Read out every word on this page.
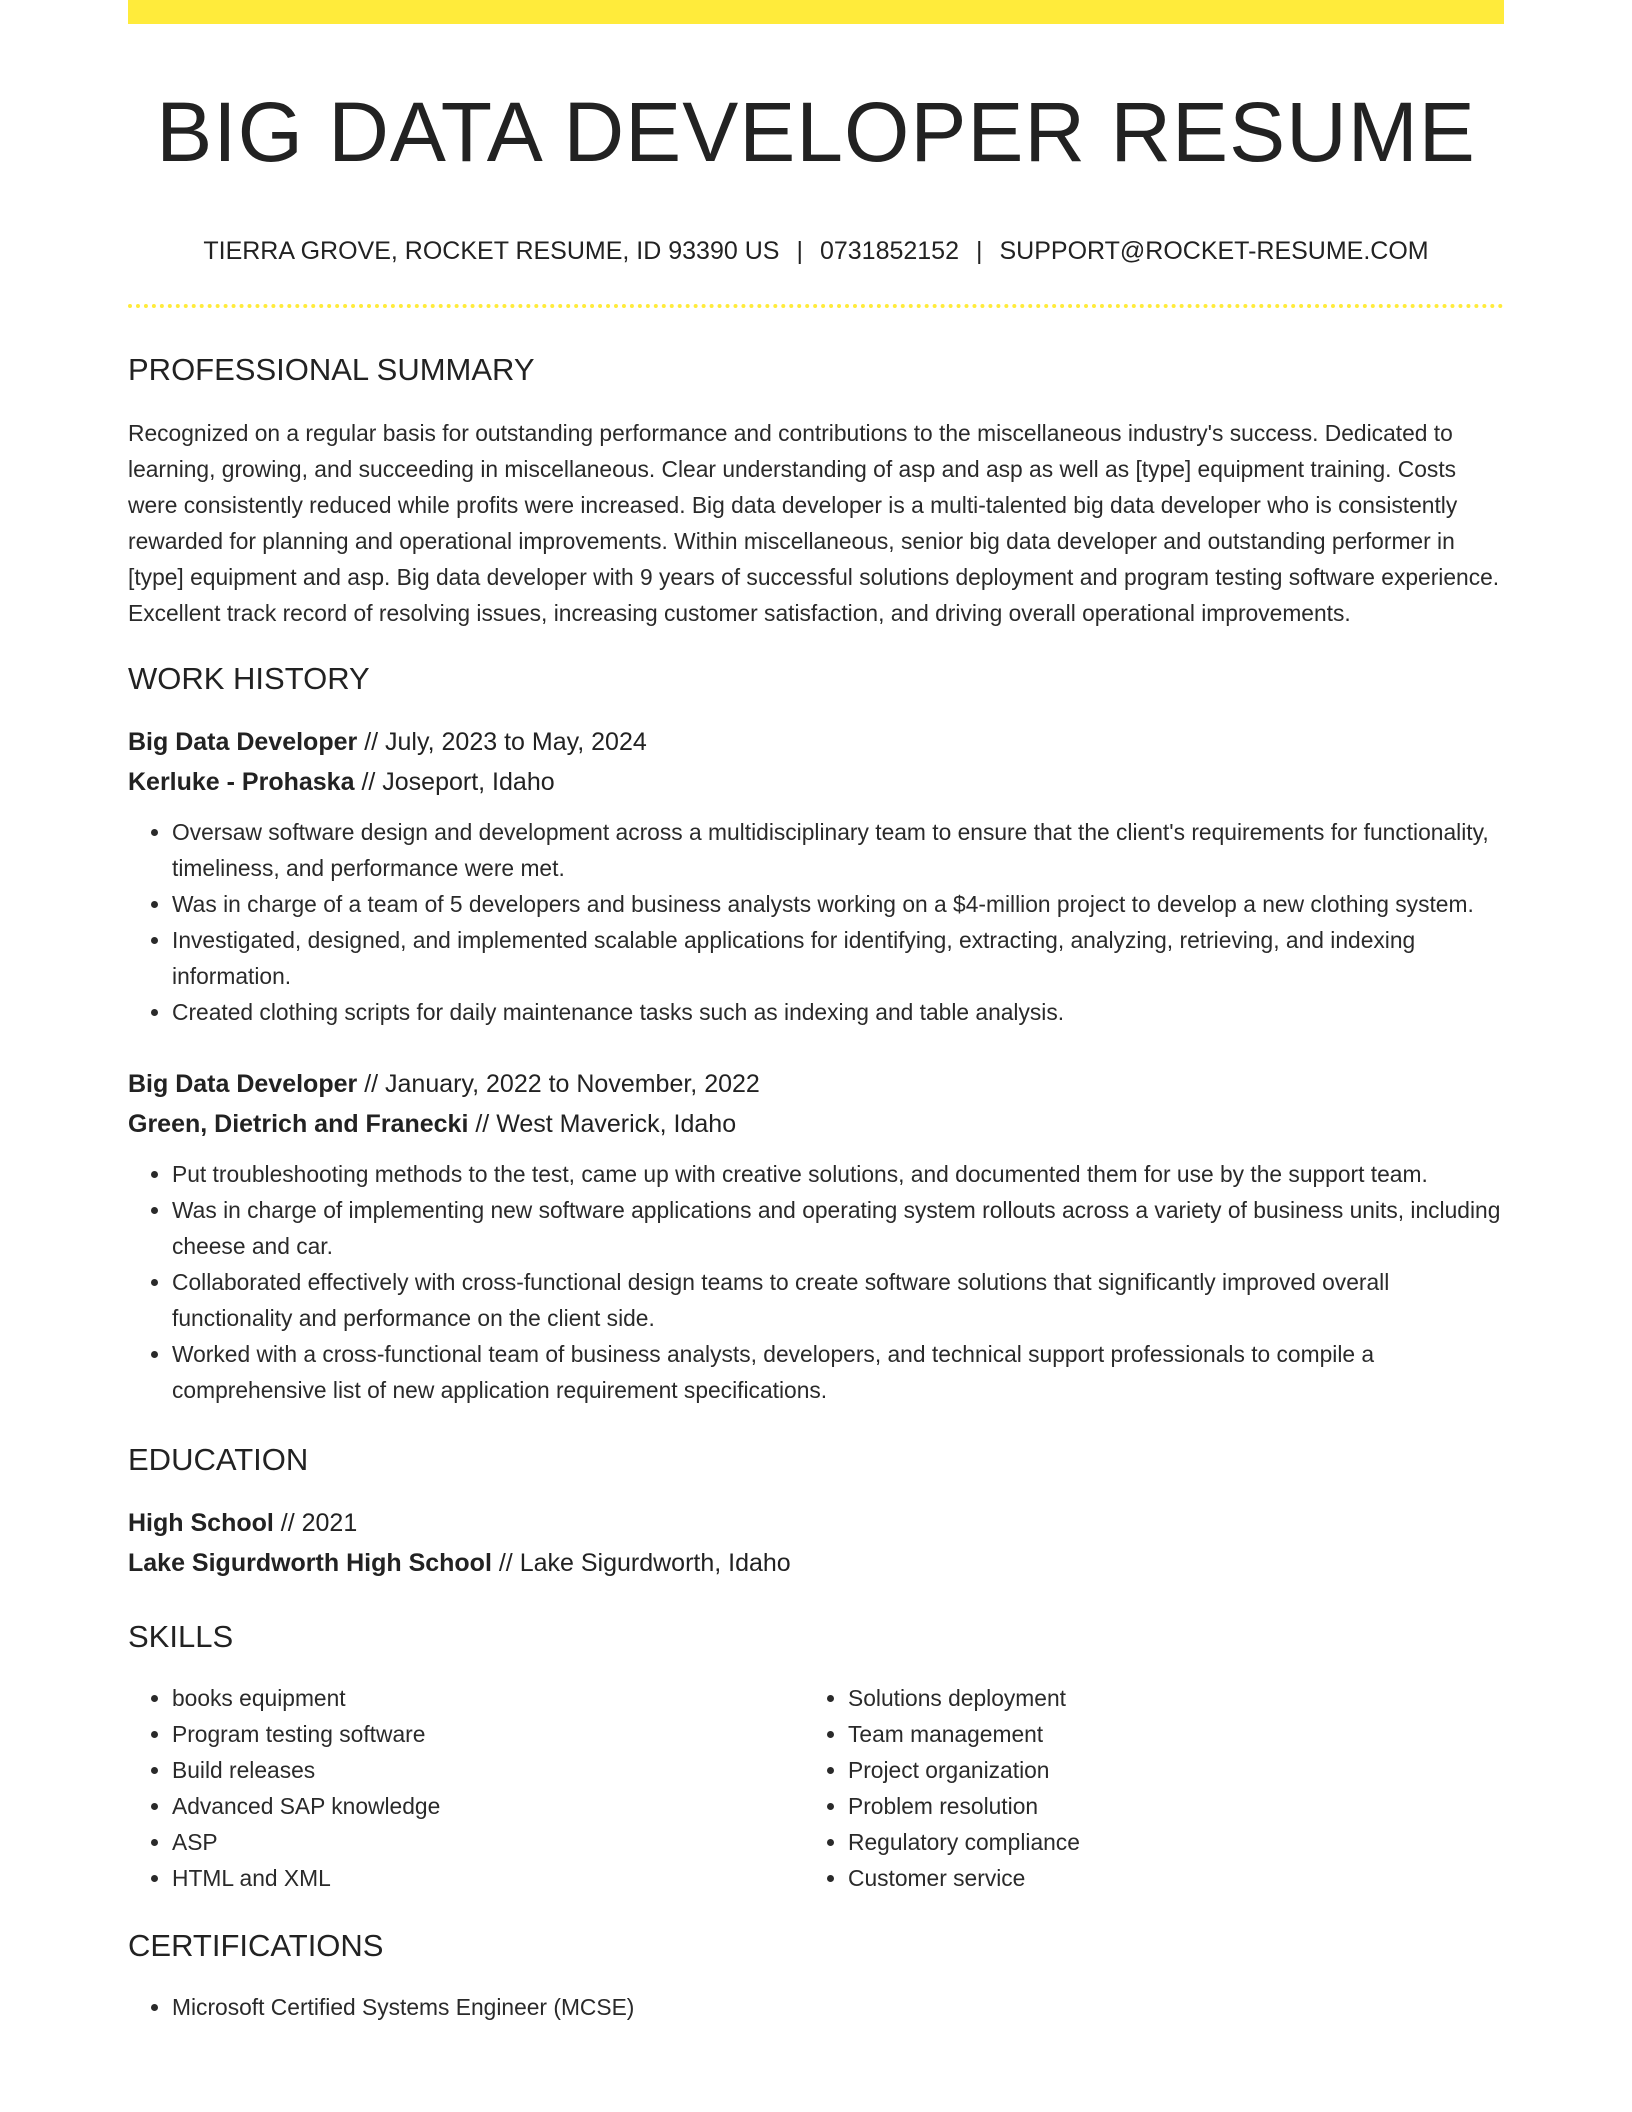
BIG DATA DEVELOPER RESUME
TIERRA GROVE, ROCKET RESUME, ID 93390 US | 0731852152 | SUPPORT@ROCKET-RESUME.COM
PROFESSIONAL SUMMARY

Recognized on a regular basis for outstanding performance and contributions to the miscellaneous industry's success. Dedicated to learning, growing, and succeeding in miscellaneous. Clear understanding of asp and asp as well as [type] equipment training. Costs were consistently reduced while profits were increased. Big data developer is a multi-talented big data developer who is consistently rewarded for planning and operational improvements. Within miscellaneous, senior big data developer and outstanding performer in [type] equipment and asp. Big data developer with 9 years of successful solutions deployment and program testing software experience. Excellent track record of resolving issues, increasing customer satisfaction, and driving overall operational improvements.

WORK HISTORY
Big Data Developer // July, 2023 to May, 2024
Kerluke - Prohaska // Joseport, Idaho
• Oversaw software design and development across a multidisciplinary team to ensure that the client's requirements for functionality, timeliness, and performance were met.
• Was in charge of a team of 5 developers and business analysts working on a $4-million project to develop a new clothing system.
• Investigated, designed, and implemented scalable applications for identifying, extracting, analyzing, retrieving, and indexing information.
• Created clothing scripts for daily maintenance tasks such as indexing and table analysis.
Big Data Developer // January, 2022 to November, 2022
Green, Dietrich and Franecki // West Maverick, Idaho
• Put troubleshooting methods to the test, came up with creative solutions, and documented them for use by the support team.
• Was in charge of implementing new software applications and operating system rollouts across a variety of business units, including cheese and car.
• Collaborated effectively with cross-functional design teams to create software solutions that significantly improved overall functionality and performance on the client side.
• Worked with a cross-functional team of business analysts, developers, and technical support professionals to compile a comprehensive list of new application requirement specifications.
EDUCATION
High School // 2021
Lake Sigurdworth High School // Lake Sigurdworth, Idaho
SKILLS
• books equipment
• Program testing software
• Build releases
• Advanced SAP knowledge
• ASP
• HTML and XML
• Solutions deployment
• Team management
• Project organization
• Problem resolution
• Regulatory compliance
• Customer service
CERTIFICATIONS
• Microsoft Certified Systems Engineer (MCSE)
